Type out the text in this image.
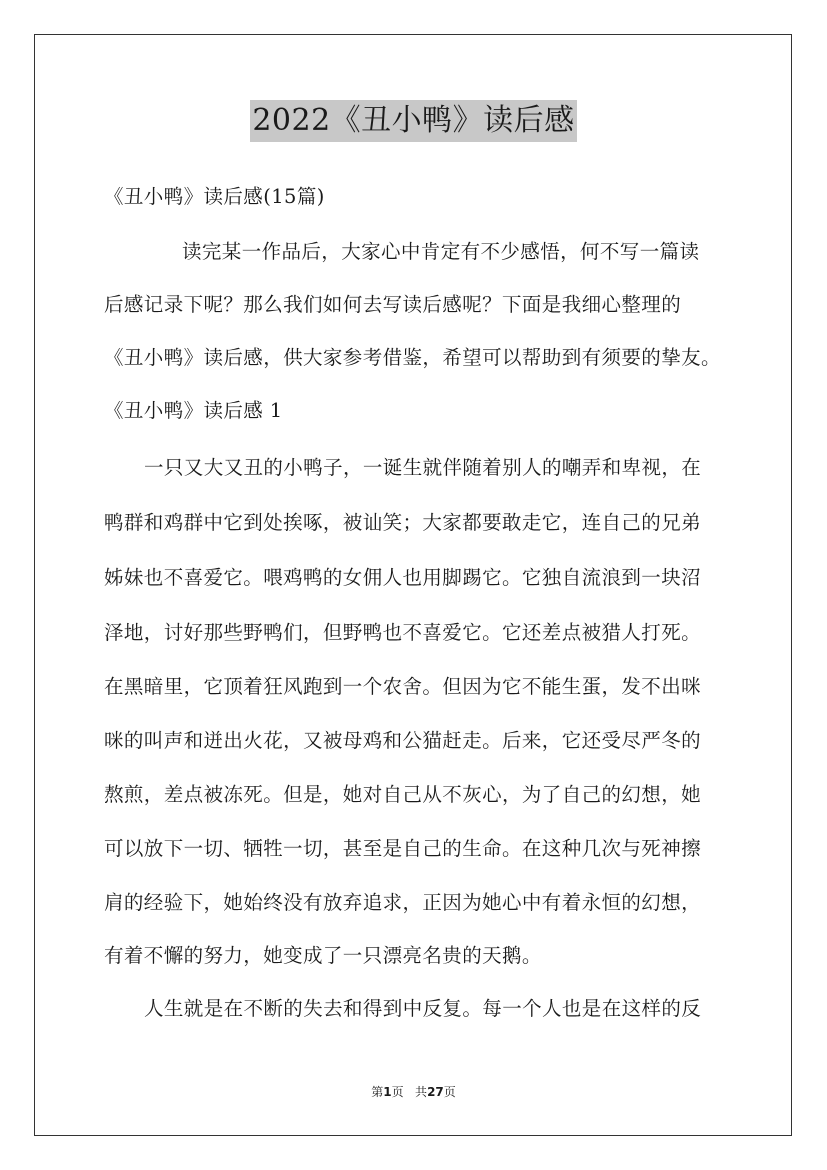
2022《丑小鸭》读后感
《丑小鸭》读后感(15篇)
读完某一作品后，大家心中肯定有不少感悟，何不写一篇读
后感记录下呢？那么我们如何去写读后感呢？下面是我细心整理的
《丑小鸭》读后感，供大家参考借鉴，希望可以帮助到有须要的挚友。
《丑小鸭》读后感 1
一只又大又丑的小鸭子，一诞生就伴随着别人的嘲弄和卑视，在
鸭群和鸡群中它到处挨啄，被讪笑；大家都要敢走它，连自己的兄弟
姊妹也不喜爱它。喂鸡鸭的女佣人也用脚踢它。它独自流浪到一块沼
泽地，讨好那些野鸭们，但野鸭也不喜爱它。它还差点被猎人打死。
在黑暗里，它顶着狂风跑到一个农舍。但因为它不能生蛋，发不出咪
咪的叫声和迸出火花，又被母鸡和公猫赶走。后来，它还受尽严冬的
熬煎，差点被冻死。但是，她对自己从不灰心，为了自己的幻想，她
可以放下一切、牺牲一切，甚至是自己的生命。在这种几次与死神擦
肩的经验下，她始终没有放弃追求，正因为她心中有着永恒的幻想，
有着不懈的努力，她变成了一只漂亮名贵的天鹅。
人生就是在不断的失去和得到中反复。每一个人也是在这样的反
第1页 共27页
